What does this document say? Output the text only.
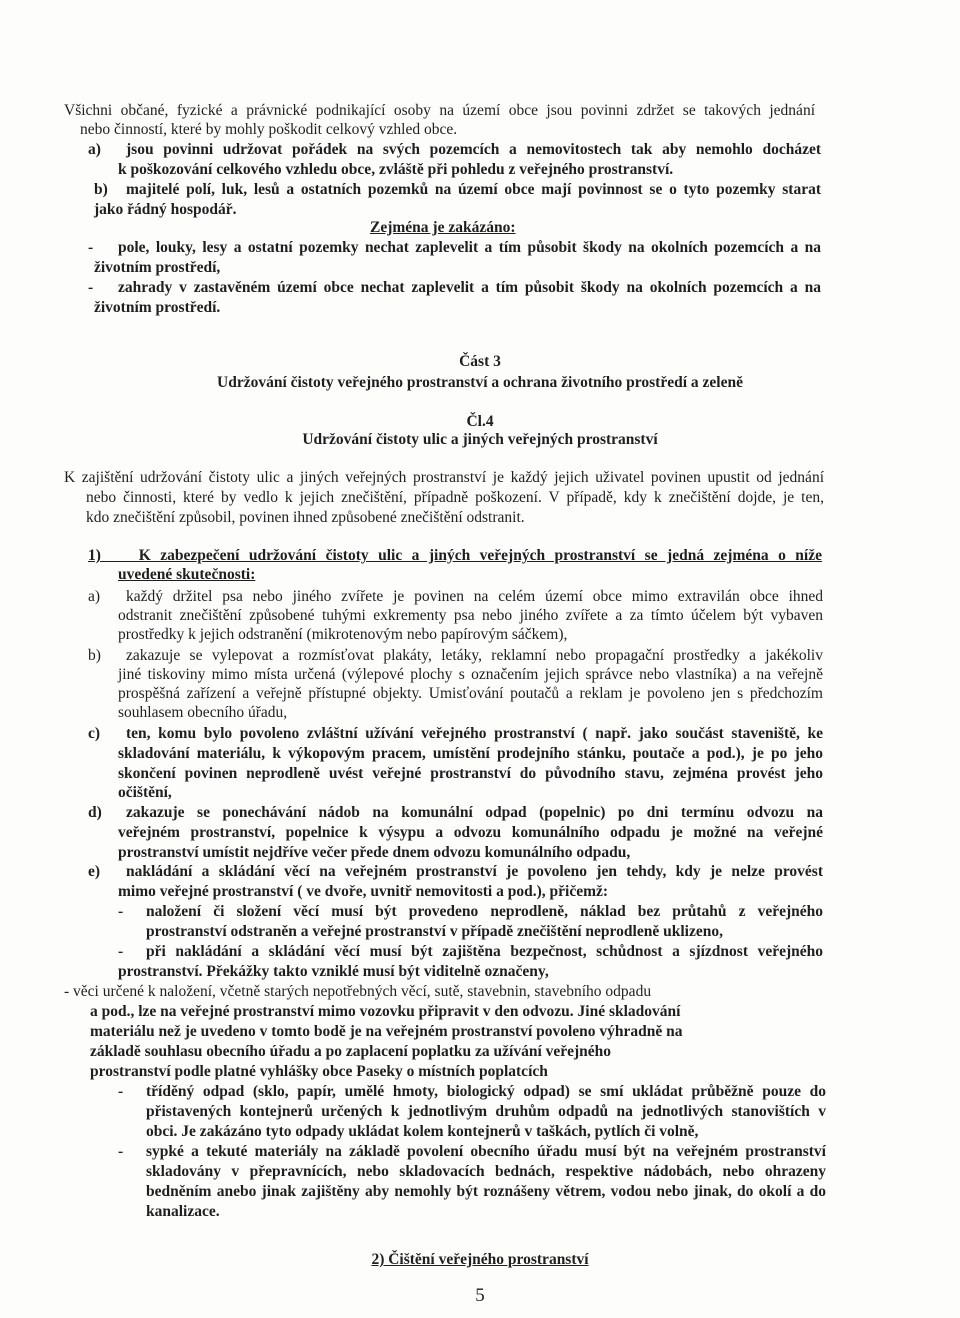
Všichni občané, fyzické a právnické podnikající osoby na území obce jsou povinni zdržet se takových jednání
nebo činností, které by mohly poškodit celkový vzhled obce.
a) jsou povinni udržovat pořádek na svých pozemcích a nemovitostech tak aby nemohlo docházet
k poškozování celkového vzhledu obce, zvláště při pohledu z veřejného prostranství.
b) majitelé polí, luk, lesů a ostatních pozemků na území obce mají povinnost se o tyto pozemky starat
jako řádný hospodář.
Zejména je zakázáno:
- pole, louky, lesy a ostatní pozemky nechat zaplevelit a tím působit škody na okolních pozemcích a na
životním prostředí,
- zahrady v zastavěném území obce nechat zaplevelit a tím působit škody na okolních pozemcích a na
životním prostředí.
Část 3
Udržování čistoty veřejného prostranství a ochrana životního prostředí a zeleně
Čl.4
Udržování čistoty ulic a jiných veřejných prostranství
K zajištění udržování čistoty ulic a jiných veřejných prostranství je každý jejich uživatel povinen upustit od jednání
nebo činnosti, které by vedlo k jejich znečištění, případně poškození. V případě, kdy k znečištění dojde, je ten,
kdo znečištění způsobil, povinen ihned způsobené znečištění odstranit.
1)    K zabezpečení udržování čistoty ulic a jiných veřejných prostranství se jedná zejména o níže
uvedené skutečnosti:
a) každý držitel psa nebo jiného zvířete je povinen na celém území obce mimo extravilán obce ihned
odstranit znečištění způsobené tuhými exkrementy psa nebo jiného zvířete a za tímto účelem být vybaven
prostředky k jejich odstranění (mikrotenovým nebo papírovým sáčkem),
b) zakazuje se vylepovat a rozmísťovat plakáty, letáky, reklamní nebo propagační prostředky a jakékoliv
jiné tiskoviny mimo místa určená (výlepové plochy s označením jejich správce nebo vlastníka) a na veřejně
prospěšná zařízení a veřejně přístupné objekty. Umisťování poutačů a reklam je povoleno jen s předchozím
souhlasem obecního úřadu,
c) ten, komu bylo povoleno zvláštní užívání veřejného prostranství ( např. jako součást staveniště, ke
skladování materiálu, k výkopovým pracem, umístění prodejního stánku, poutače a pod.), je po jeho
skončení povinen neprodleně uvést veřejné prostranství do původního stavu, zejména provést jeho
očištění,
d) zakazuje se ponechávání nádob na komunální odpad (popelnic) po dni termínu odvozu na
veřejném prostranství, popelnice k výsypu a odvozu komunálního odpadu je možné na veřejné
prostranství umístit nejdříve večer přede dnem odvozu komunálního odpadu,
e) nakládání a skládání věcí na veřejném prostranství je povoleno jen tehdy, kdy je nelze provést
mimo veřejné prostranství ( ve dvoře, uvnitř nemovitosti a pod.), přičemž:
- naložení či složení věcí musí být provedeno neprodleně, náklad bez průtahů z veřejného
prostranství odstraněn a veřejné prostranství v případě znečištění neprodleně uklizeno,
- při nakládání a skládání věcí musí být zajištěna bezpečnost, schůdnost a sjízdnost veřejného
prostranství. Překážky takto vzniklé musí být viditelně označeny,
- věci určené k naložení, včetně starých nepotřebných věcí, sutě, stavebnin, stavebního odpadu
a pod., lze na veřejné prostranství mimo vozovku připravit v den odvozu. Jiné skladování
materiálu než je uvedeno v tomto bodě je na veřejném prostranství povoleno výhradně na
základě souhlasu obecního úřadu a po zaplacení poplatku za užívání veřejného
prostranství podle platné vyhlášky obce Paseky o místních poplatcích
- tříděný odpad (sklo, papír, umělé hmoty, biologický odpad) se smí ukládat průběžně pouze do
přistavených kontejnerů určených k jednotlivým druhům odpadů na jednotlivých stanovištích v
obci. Je zakázáno tyto odpady ukládat kolem kontejnerů v taškách, pytlích či volně,
- sypké a tekuté materiály na základě povolení obecního úřadu musí být na veřejném prostranství
skladovány v přepravnících, nebo skladovacích bednách, respektive nádobách, nebo ohrazeny
bedněním anebo jinak zajištěny aby nemohly být roznášeny větrem, vodou nebo jinak, do okolí a do
kanalizace.
2) Čištění veřejného prostranství
5
